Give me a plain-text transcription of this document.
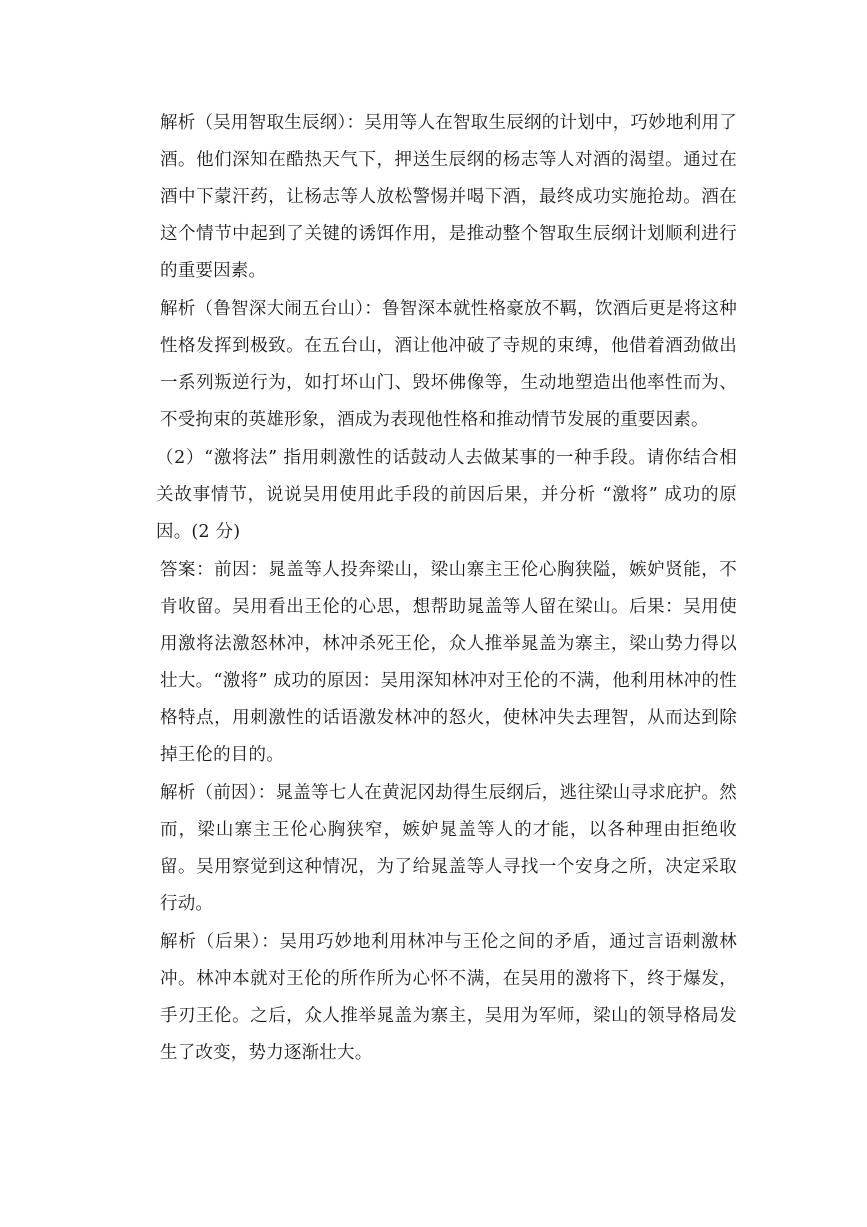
解析（吴用智取生辰纲）：吴用等人在智取生辰纲的计划中，巧妙地利用了酒。他们深知在酷热天气下，押送生辰纲的杨志等人对酒的渴望。通过在酒中下蒙汗药，让杨志等人放松警惕并喝下酒，最终成功实施抢劫。酒在这个情节中起到了关键的诱饵作用，是推动整个智取生辰纲计划顺利进行的重要因素。

解析（鲁智深大闹五台山）：鲁智深本就性格豪放不羁，饮酒后更是将这种性格发挥到极致。在五台山，酒让他冲破了寺规的束缚，他借着酒劲做出一系列叛逆行为，如打坏山门、毁坏佛像等，生动地塑造出他率性而为、不受拘束的英雄形象，酒成为表现他性格和推动情节发展的重要因素。

（2）“激将法” 指用刺激性的话鼓动人去做某事的一种手段。请你结合相关故事情节，说说吴用使用此手段的前因后果，并分析 “激将” 成功的原因。(2 分)

答案：前因：晁盖等人投奔梁山，梁山寨主王伦心胸狭隘，嫉妒贤能，不肯收留。吴用看出王伦的心思，想帮助晁盖等人留在梁山。后果：吴用使用激将法激怒林冲，林冲杀死王伦，众人推举晁盖为寨主，梁山势力得以壮大。“激将” 成功的原因：吴用深知林冲对王伦的不满，他利用林冲的性格特点，用刺激性的话语激发林冲的怒火，使林冲失去理智，从而达到除掉王伦的目的。

解析（前因）：晁盖等七人在黄泥冈劫得生辰纲后，逃往梁山寻求庇护。然而，梁山寨主王伦心胸狭窄，嫉妒晁盖等人的才能，以各种理由拒绝收留。吴用察觉到这种情况，为了给晁盖等人寻找一个安身之所，决定采取行动。

解析（后果）：吴用巧妙地利用林冲与王伦之间的矛盾，通过言语刺激林冲。林冲本就对王伦的所作所为心怀不满，在吴用的激将下，终于爆发，手刃王伦。之后，众人推举晁盖为寨主，吴用为军师，梁山的领导格局发生了改变，势力逐渐壮大。
